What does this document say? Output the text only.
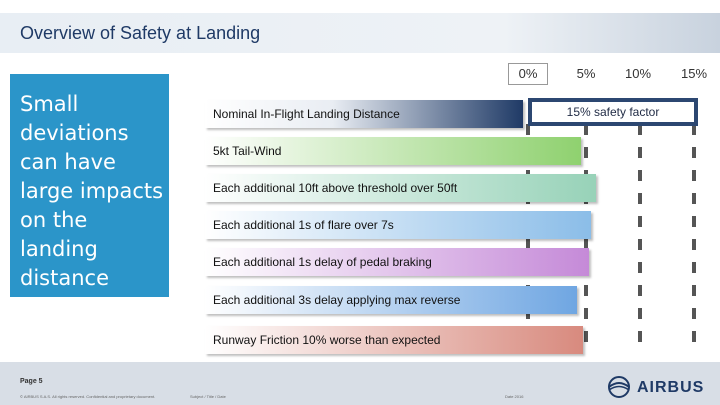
Overview of Safety at Landing
Small deviations can have large impacts on the landing distance
0%	5%	10%	15%
Nominal In-Flight Landing Distance
5kt Tail-Wind
Each additional 10ft above threshold over 50ft
Each additional 1s of flare over 7s
Each additional 1s delay of pedal braking
Each additional 3s delay applying max reverse
Runway Friction 10% worse than expected
15% safety factor
Page 5
© AIRBUS S.A.S. All rights reserved. Confidential and proprietary document.	Subject / Title / Date	Date 2016
AIRBUS
